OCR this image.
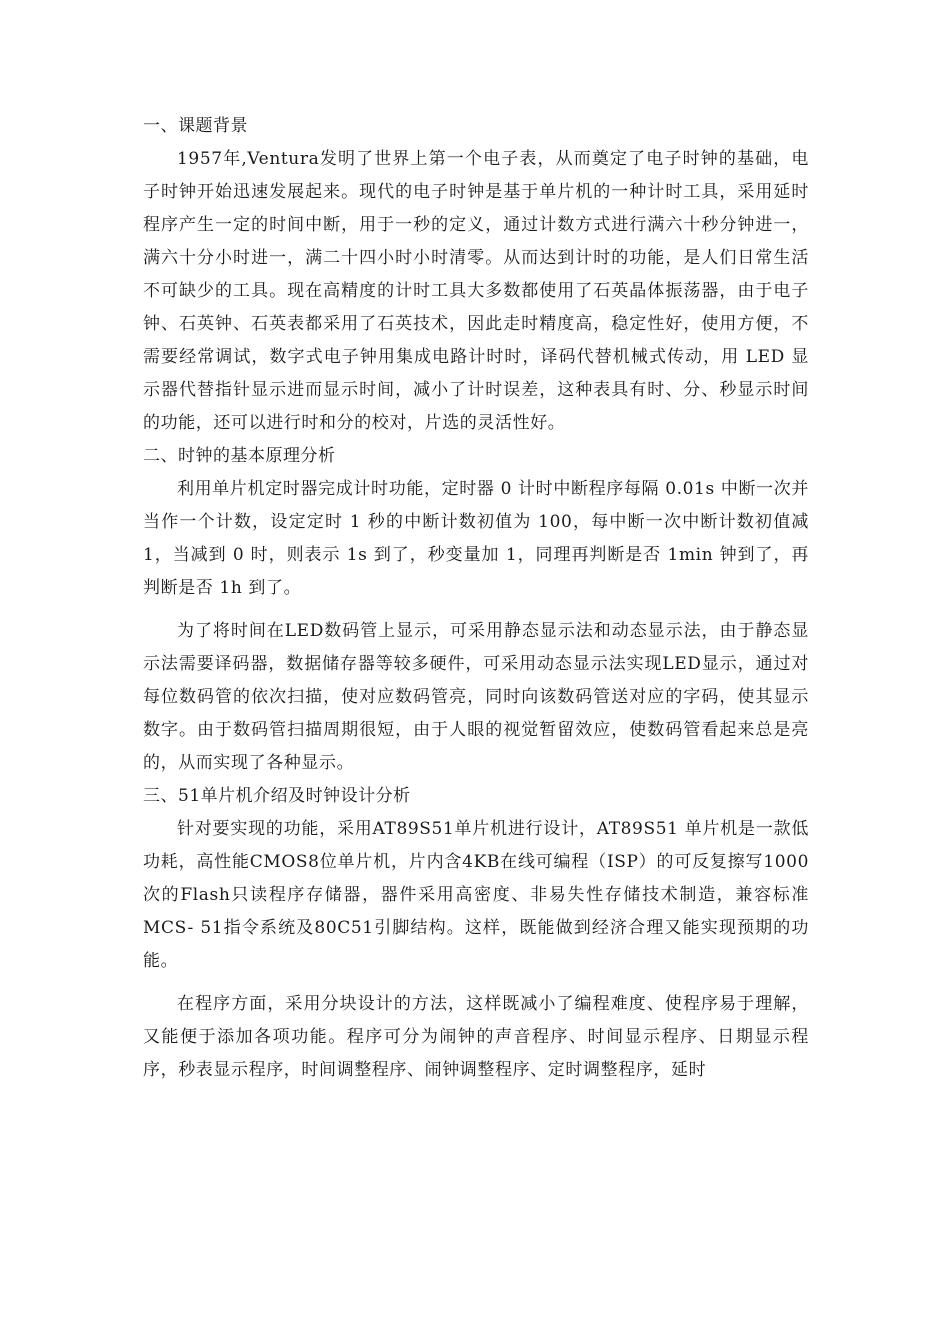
一、课题背景

1957年,Ventura发明了世界上第一个电子表，从而奠定了电子时钟的基础，电子时钟开始迅速发展起来。现代的电子时钟是基于单片机的一种计时工具，采用延时程序产生一定的时间中断，用于一秒的定义，通过计数方式进行满六十秒分钟进一，满六十分小时进一，满二十四小时小时清零。从而达到计时的功能，是人们日常生活不可缺少的工具。现在高精度的计时工具大多数都使用了石英晶体振荡器，由于电子钟、石英钟、石英表都采用了石英技术，因此走时精度高，稳定性好，使用方便，不需要经常调试，数字式电子钟用集成电路计时时，译码代替机械式传动，用 LED 显示器代替指针显示进而显示时间，减小了计时误差，这种表具有时、分、秒显示时间的功能，还可以进行时和分的校对，片选的灵活性好。

二、时钟的基本原理分析

利用单片机定时器完成计时功能，定时器 0 计时中断程序每隔 0.01s 中断一次并当作一个计数，设定定时 1 秒的中断计数初值为 100，每中断一次中断计数初值减 1，当减到 0 时，则表示 1s 到了，秒变量加 1，同理再判断是否 1min 钟到了，再判断是否 1h 到了。

为了将时间在LED数码管上显示，可采用静态显示法和动态显示法，由于静态显示法需要译码器，数据储存器等较多硬件，可采用动态显示法实现LED显示，通过对每位数码管的依次扫描，使对应数码管亮，同时向该数码管送对应的字码，使其显示数字。由于数码管扫描周期很短，由于人眼的视觉暂留效应，使数码管看起来总是亮的，从而实现了各种显示。

三、51单片机介绍及时钟设计分析

针对要实现的功能，采用AT89S51单片机进行设计，AT89S51 单片机是一款低功耗，高性能CMOS8位单片机，片内含4KB在线可编程（ISP）的可反复擦写1000次的Flash只读程序存储器，器件采用高密度、非易失性存储技术制造，兼容标准MCS- 51指令系统及80C51引脚结构。这样，既能做到经济合理又能实现预期的功能。

在程序方面，采用分块设计的方法，这样既减小了编程难度、使程序易于理解，又能便于添加各项功能。程序可分为闹钟的声音程序、时间显示程序、日期显示程序，秒表显示程序，时间调整程序、闹钟调整程序、定时调整程序，延时
